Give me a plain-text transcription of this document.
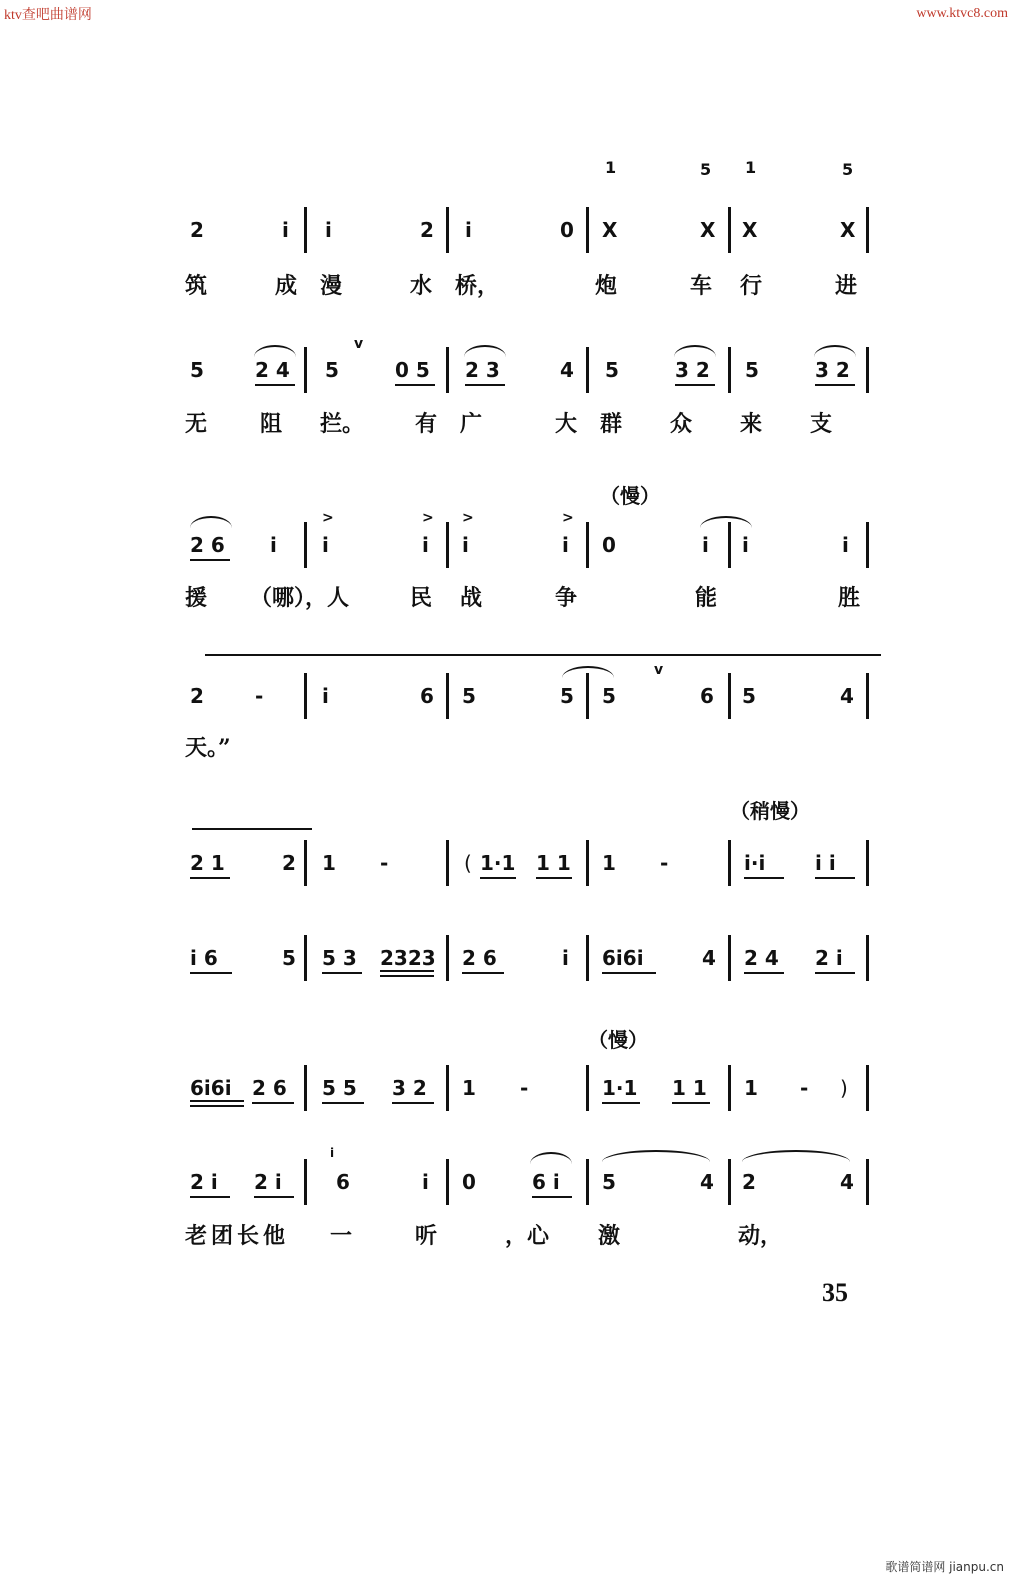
ktv查吧曲谱网	www.ktvc8.com
歌谱简谱网 jianpu.cn
1	5 1	5
2	i i	2 i	0 X	X X	X
筑	成 漫	水 桥，	炮	车 行	进
v
5	2 4 5	0 5 2 3	4 5	3 2 5	3 2
无 阻 拦。 有 广	大 群 众 来 支
（慢）
>	> >	>
2 6 i i	i i	i 0	i i	i
援 （哪），人	民 战	争	能	胜
v
2	-	i	6 5	5 5	6 5	4
天。”
（稍慢）
2 1	2 1 -	( 1·1 1 1 1 -	i·i i i
i 6	5 5 3 2323 2 6	i 6i6i	4 2 4 2 i
（慢）
6i6i 2 6 5 5 3 2 1 -	1·1 1 1 1 - )
i
2 i 2 i	6	i 0	6 i 5	4 2	4
老团长他 一	听	，心 激	动，
35
